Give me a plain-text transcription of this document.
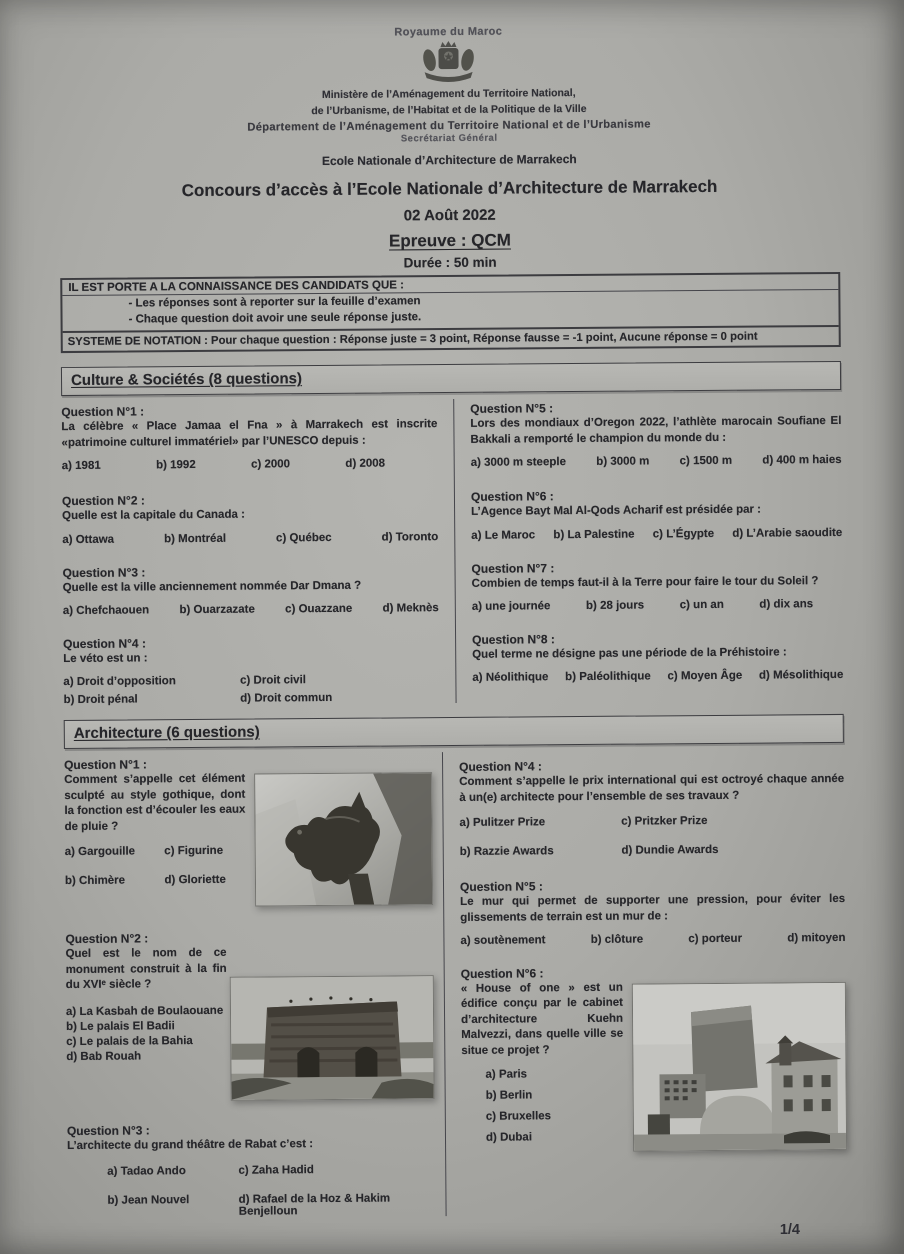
Royaume du Maroc
Ministère de l’Aménagement du Territoire National,
de l’Urbanisme, de l’Habitat et de la Politique de la Ville
Département de l’Aménagement du Territoire National et de l’Urbanisme
Secrétariat Général
Ecole Nationale d’Architecture de Marrakech
Concours d’accès à l’Ecole Nationale d’Architecture de Marrakech
02 Août 2022
Epreuve : QCM
Durée : 50 min
IL EST PORTE A LA CONNAISSANCE DES CANDIDATS QUE :
- Les réponses sont à reporter sur la feuille d’examen
- Chaque question doit avoir une seule réponse juste.
SYSTEME DE NOTATION : Pour chaque question : Réponse juste = 3 point, Réponse fausse = -1 point, Aucune réponse = 0 point
Culture & Sociétés (8 questions)
Question N°1 :
La célèbre « Place Jamaa el Fna » à Marrakech est inscrite «patrimoine culturel immatériel» par l’UNESCO depuis :
a) 1981	b) 1992	c) 2000	d) 2008
Question N°2 :
Quelle est la capitale du Canada :
a) Ottawa	b) Montréal	c) Québec	d) Toronto
Question N°3 :
Quelle est la ville anciennement nommée Dar Dmana ?
a) Chefchaouen	b) Ouarzazate	c) Ouazzane	d) Meknès
Question N°4 :
Le véto est un :
a) Droit d’opposition	c) Droit civil
b) Droit pénal	d) Droit commun
Question N°5 :
Lors des mondiaux d’Oregon 2022, l’athlète marocain Soufiane El Bakkali a remporté le champion du monde du :
a) 3000 m steeple	b) 3000 m	c) 1500 m	d) 400 m haies
Question N°6 :
L’Agence Bayt Mal Al-Qods Acharif est présidée par :
a) Le Maroc b) La Palestine c) L’Égypte d) L’Arabie saoudite
Question N°7 :
Combien de temps faut-il à la Terre pour faire le tour du Soleil ?
a) une journée	b) 28 jours	c) un an	d) dix ans
Question N°8 :
Quel terme ne désigne pas une période de la Préhistoire :
a) Néolithique b) Paléolithique c) Moyen Âge d) Mésolithique
Architecture (6 questions)
Question N°1 :
Comment s’appelle cet élément sculpté au style gothique, dont la fonction est d’écouler les eaux de pluie ?
a) Gargouille	c) Figurine
b) Chimère	d) Gloriette
Question N°2 :
Quel est le nom de ce monument construit à la fin du XVIᵉ siècle ?
a) La Kasbah de Boulaouane
b) Le palais El Badii
c) Le palais de la Bahia
d) Bab Rouah
Question N°3 :
L’architecte du grand théâtre de Rabat c’est :
a) Tadao Ando	c) Zaha Hadid
b) Jean Nouvel	d) Rafael de la Hoz & Hakim Benjelloun
Question N°4 :
Comment s’appelle le prix international qui est octroyé chaque année à un(e) architecte pour l’ensemble de ses travaux ?
a) Pulitzer Prize	c) Pritzker Prize
b) Razzie Awards	d) Dundie Awards
Question N°5 :
Le mur qui permet de supporter une pression, pour éviter les glissements de terrain est un mur de :
a) soutènement	b) clôture	c) porteur	d) mitoyen
Question N°6 :
« House of one » est un édifice conçu par le cabinet d’architecture Kuehn Malvezzi, dans quelle ville se situe ce projet ?
a) Paris
b) Berlin
c) Bruxelles
d) Dubai
1/4
